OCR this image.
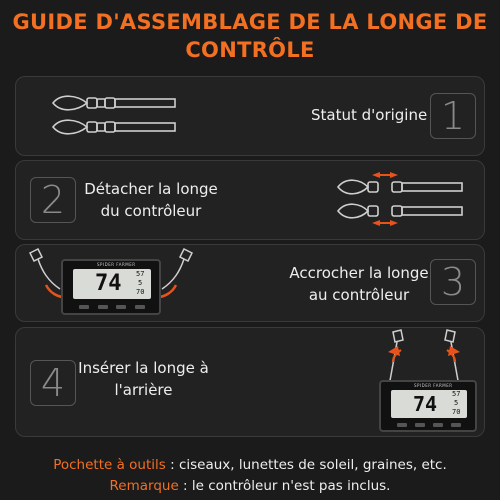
GUIDE D'ASSEMBLAGE DE LA LONGE DE CONTRÔLE
Statut d'origine 1
2	Détacher la longe du contrôleur
SPIDER FARMER
74 57
5
70
Accrocher la longe au contrôleur 3
4 Insérer la longe à l'arrière	SPIDER FARMER
74 57
5
70
Pochette à outils : ciseaux, lunettes de soleil, graines, etc.
Remarque : le contrôleur n'est pas inclus.
